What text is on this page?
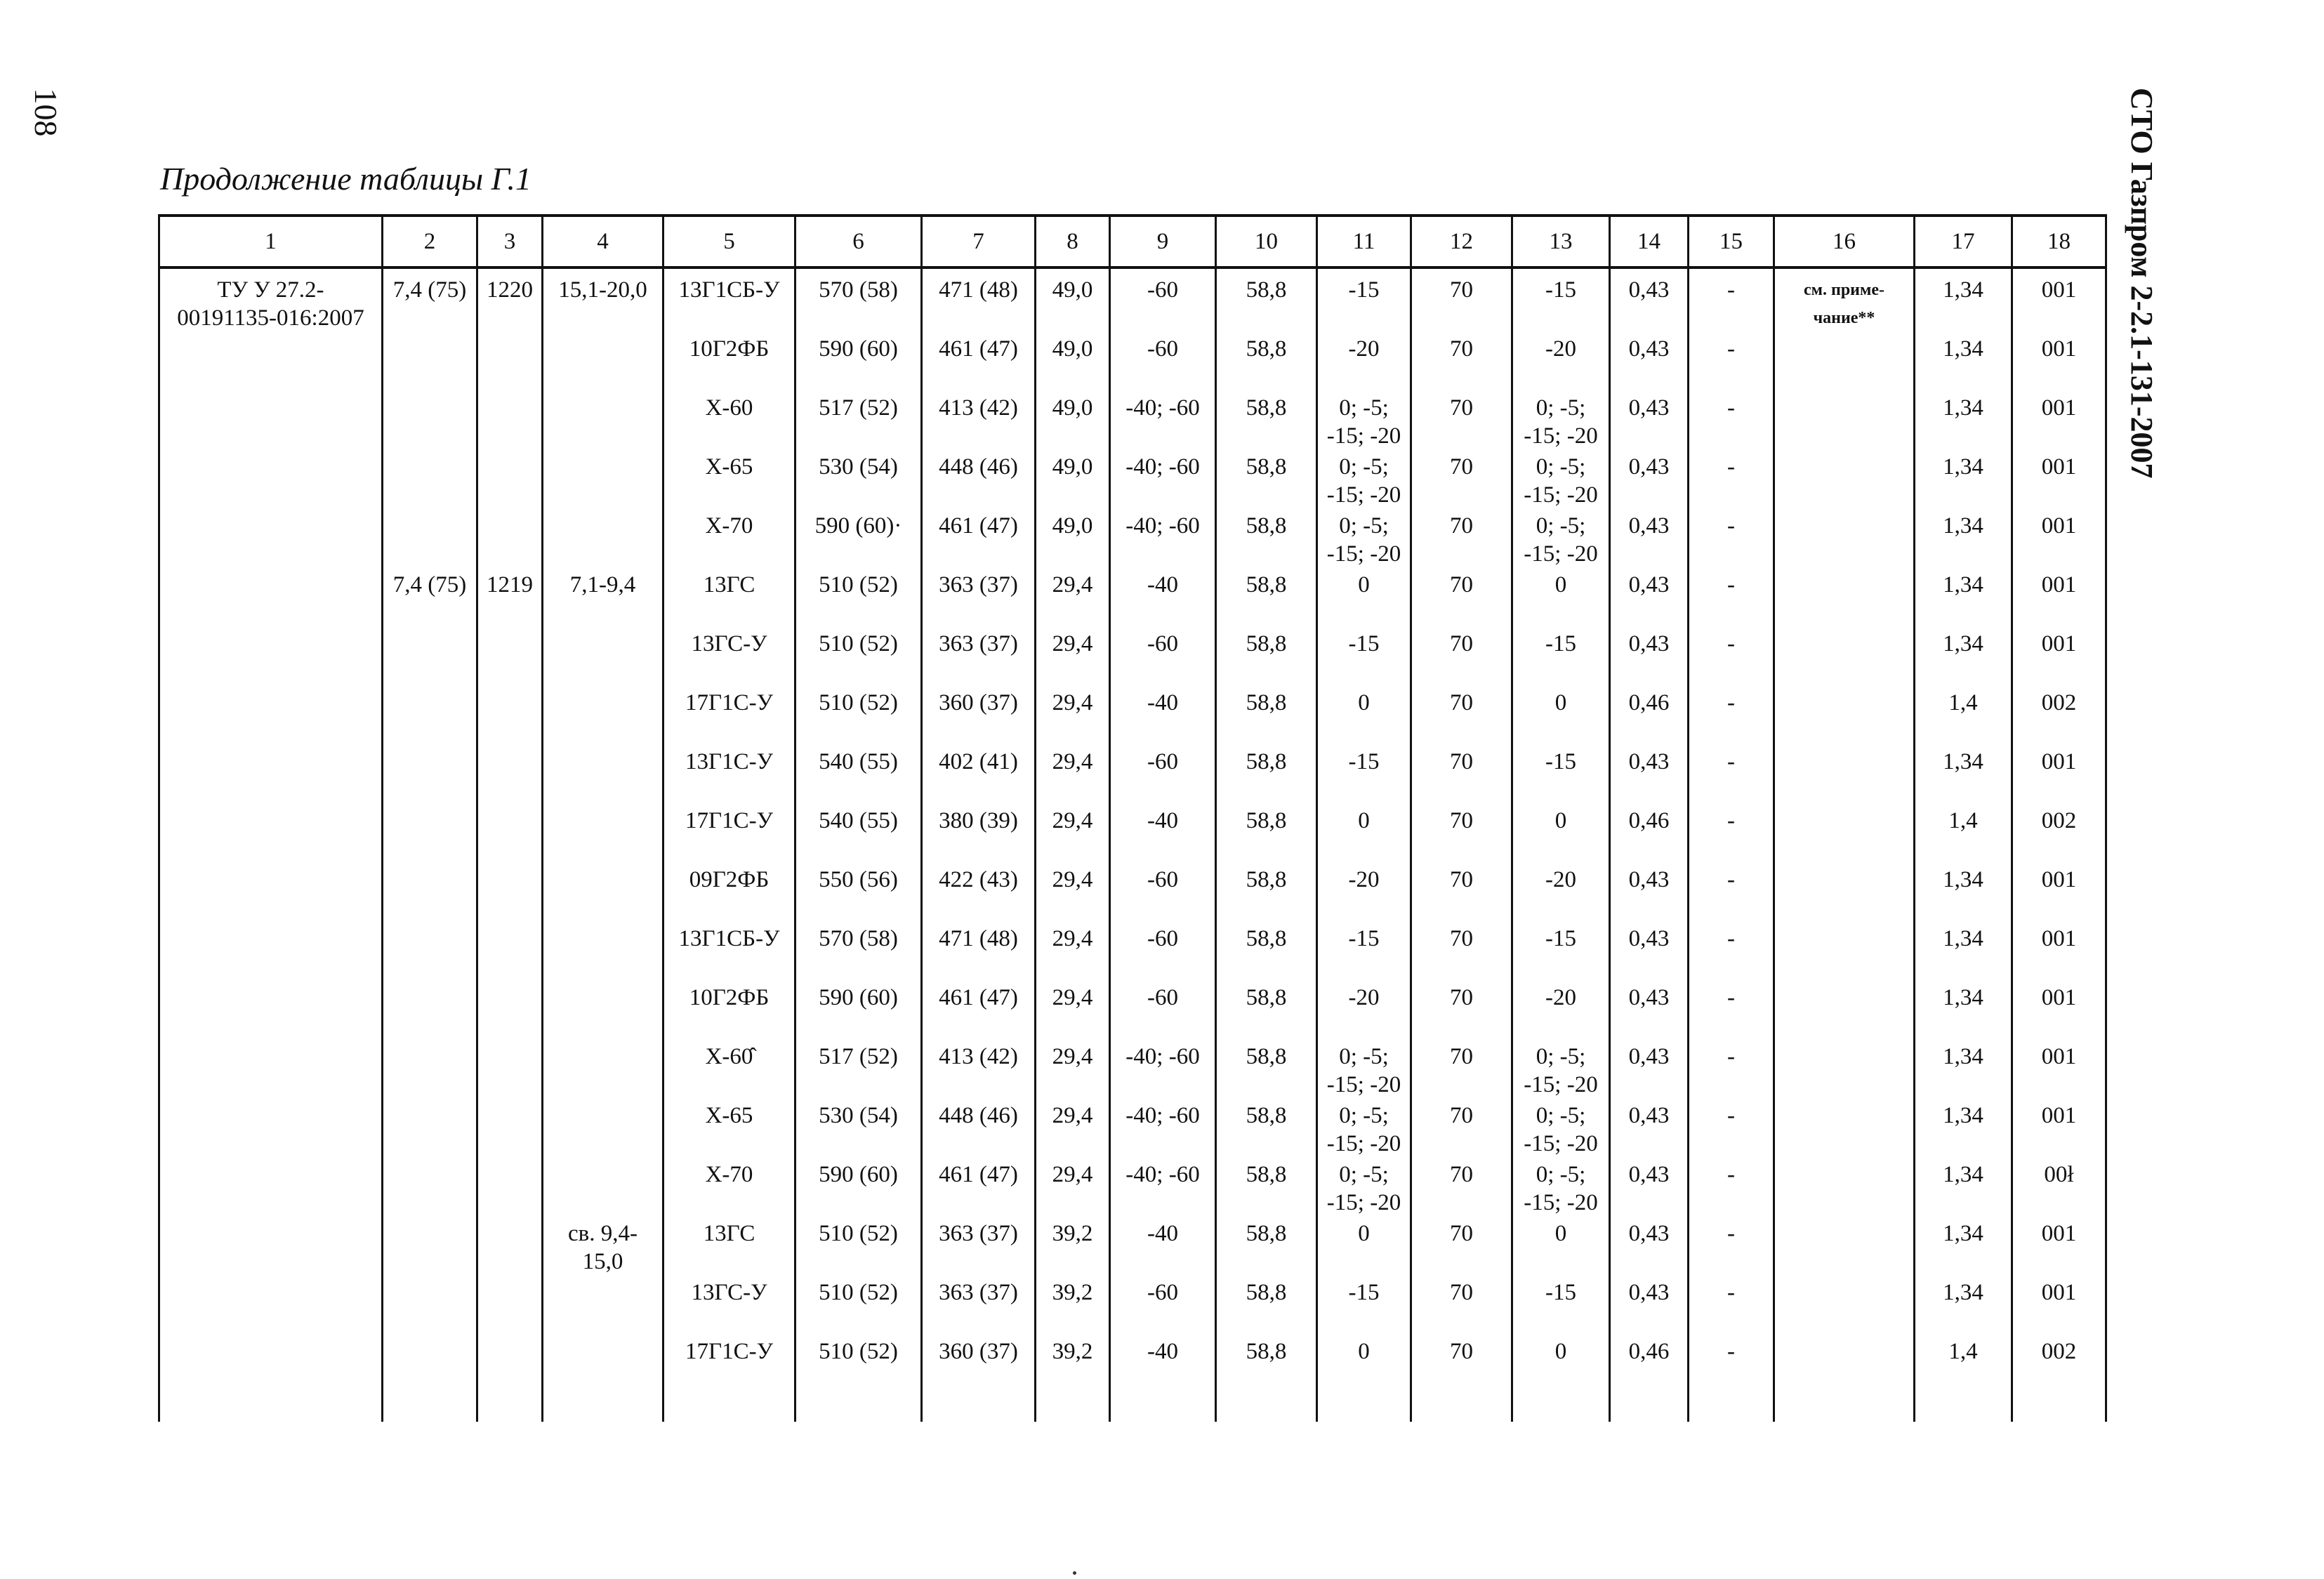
108	СТО Газпром 2-2.1-131-2007
Продолжение таблицы Г.1
1	2	3	4	5	6	7	8	9	10	11	12	13	14	15	16	17	18
ТУ У 27.2-
00191135-016:2007	7,4 (75)	1220	15,1-20,0	13Г1СБ-У	570 (58)	471 (48)	49,0	-60	58,8	-15	70	-15	0,43	-	см. приме-
чание**	1,34	001
				10Г2ФБ	590 (60)	461 (47)	49,0	-60	58,8	-20	70	-20	0,43	-		1,34	001
				Х-60	517 (52)	413 (42)	49,0	-40; -60	58,8	0; -5;
-15; -20	70	0; -5;
-15; -20	0,43	-		1,34	001
				Х-65	530 (54)	448 (46)	49,0	-40; -60	58,8	0; -5;
-15; -20	70	0; -5;
-15; -20	0,43	-		1,34	001
				Х-70	590 (60)·	461 (47)	49,0	-40; -60	58,8	0; -5;
-15; -20	70	0; -5;
-15; -20	0,43	-		1,34	001
	7,4 (75)	1219	7,1-9,4	13ГС	510 (52)	363 (37)	29,4	-40	58,8	0	70	0	0,43	-		1,34	001
				13ГС-У	510 (52)	363 (37)	29,4	-60	58,8	-15	70	-15	0,43	-		1,34	001
				17Г1С-У	510 (52)	360 (37)	29,4	-40	58,8	0	70	0	0,46	-		1,4	002
				13Г1С-У	540 (55)	402 (41)	29,4	-60	58,8	-15	70	-15	0,43	-		1,34	001
				17Г1С-У	540 (55)	380 (39)	29,4	-40	58,8	0	70	0	0,46	-		1,4	002
				09Г2ФБ	550 (56)	422 (43)	29,4	-60	58,8	-20	70	-20	0,43	-		1,34	001
				13Г1СБ-У	570 (58)	471 (48)	29,4	-60	58,8	-15	70	-15	0,43	-		1,34	001
				10Г2ФБ	590 (60)	461 (47)	29,4	-60	58,8	-20	70	-20	0,43	-		1,34	001
				Х-60̂	517 (52)	413 (42)	29,4	-40; -60	58,8	0; -5;
-15; -20	70	0; -5;
-15; -20	0,43	-		1,34	001
				Х-65	530 (54)	448 (46)	29,4	-40; -60	58,8	0; -5;
-15; -20	70	0; -5;
-15; -20	0,43	-		1,34	001
				Х-70	590 (60)	461 (47)	29,4	-40; -60	58,8	0; -5;
-15; -20	70	0; -5;
-15; -20	0,43	-		1,34	00ł
			св. 9,4-
15,0	13ГС	510 (52)	363 (37)	39,2	-40	58,8	0	70	0	0,43	-		1,34	001
				13ГС-У	510 (52)	363 (37)	39,2	-60	58,8	-15	70	-15	0,43	-		1,34	001
				17Г1С-У	510 (52)	360 (37)	39,2	-40	58,8	0	70	0	0,46	-		1,4	002
